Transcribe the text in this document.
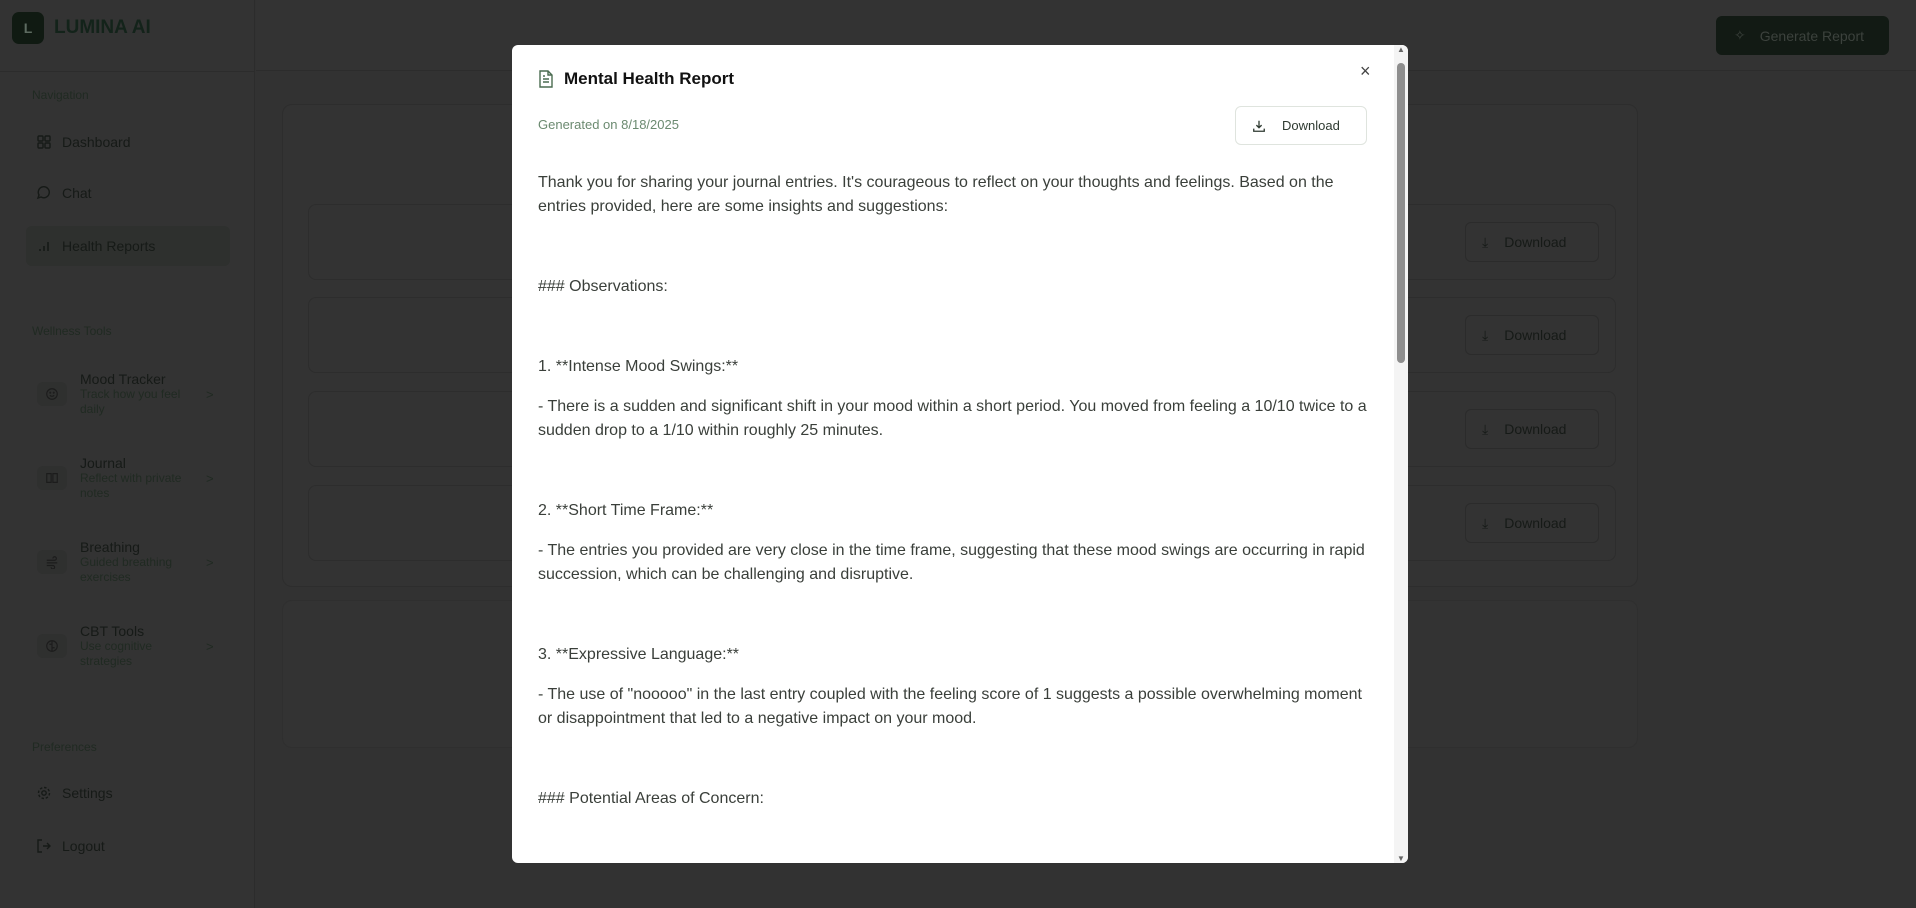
L	LUMINA AI
Navigation
Dashboard
Chat
Health Reports
Wellness Tools
Mood Tracker
Track how you feel daily
>
Journal
Reflect with private notes
>
Breathing
Guided breathing exercises
>
CBT Tools
Use cognitive strategies
>
Preferences
Settings
Logout
✧ Generate Report
⤓ Download
⤓ Download
⤓ Download
⤓ Download
Mental Health Report	×
Generated on 8/18/2025	Download

Thank you for sharing your journal entries. It's courageous to reflect on your thoughts and feelings. Based on the entries provided, here are some insights and suggestions:

### Observations:

1. **Intense Mood Swings:**

- There is a sudden and significant shift in your mood within a short period. You moved from feeling a 10/10 twice to a sudden drop to a 1/10 within roughly 25 minutes.

2. **Short Time Frame:**

- The entries you provided are very close in the time frame, suggesting that these mood swings are occurring in rapid succession, which can be challenging and disruptive.

3. **Expressive Language:**

- The use of "nooooo" in the last entry coupled with the feeling score of 1 suggests a possible overwhelming moment or disappointment that led to a negative impact on your mood.

### Potential Areas of Concern:

▲
▼
